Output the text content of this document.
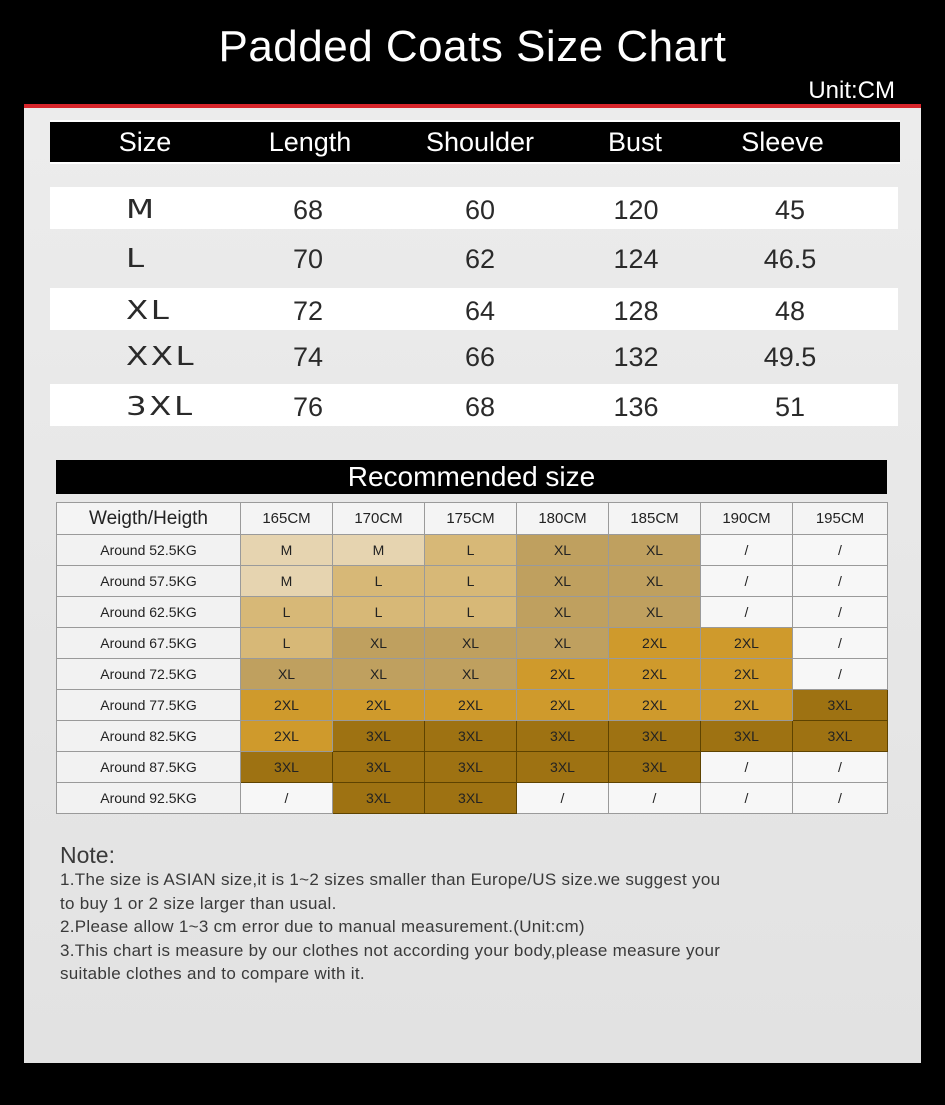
Padded Coats Size Chart
Unit:CM
Size	Length	Shoulder	Bust	Sleeve
M	68	60	120	45
L	70	62	124	46.5
XL	72	64	128	48
XXL	74	66	132	49.5
3XL	76	68	136	51
Recommended size
Weigth/Heigth	165CM	170CM	175CM	180CM	185CM	190CM	195CM
Around 52.5KG	M	M	L	XL	XL	/	/
Around 57.5KG	M	L	L	XL	XL	/	/
Around 62.5KG	L	L	L	XL	XL	/	/
Around 67.5KG	L	XL	XL	XL	2XL	2XL	/
Around 72.5KG	XL	XL	XL	2XL	2XL	2XL	/
Around 77.5KG	2XL	2XL	2XL	2XL	2XL	2XL	3XL
Around 82.5KG	2XL	3XL	3XL	3XL	3XL	3XL	3XL
Around 87.5KG	3XL	3XL	3XL	3XL	3XL	/	/
Around 92.5KG	/	3XL	3XL	/	/	/	/
Note:
1.The size is ASIAN size,it is 1~2 sizes smaller than Europe/US size.we suggest you
to buy 1 or 2 size larger than usual.
2.Please allow 1~3 cm error due to manual measurement.(Unit:cm)
3.This chart is measure by our clothes not according your body,please measure your
suitable clothes and to compare with it.
